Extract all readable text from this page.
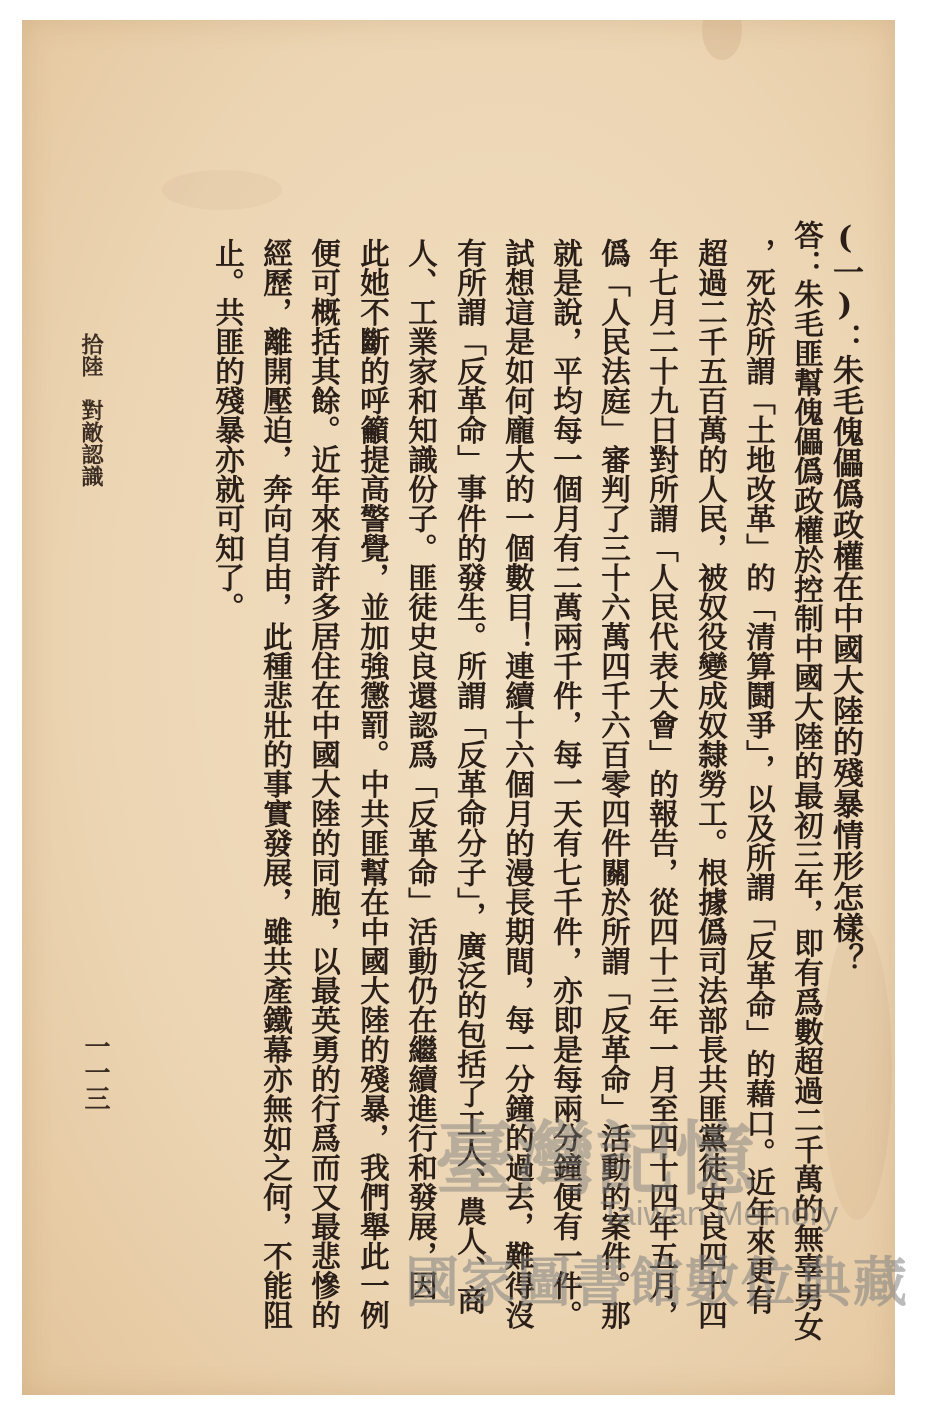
(一)：朱毛傀儡僞政權在中國大陸的殘暴情形怎樣？
答：朱毛匪幫傀儡僞政權於控制中國大陸的最初三年，即有爲數超過二千萬的無辜男女
，死於所謂「土地改革」的「清算鬪爭」，以及所謂「反革命」的藉口。近年來更有
超過二千五百萬的人民，被奴役變成奴隸勞工。根據僞司法部長共匪黨徒史良四十四
年七月二十九日對所謂「人民代表大會」的報告，從四十三年一月至四十四年五月，
僞「人民法庭」審判了三十六萬四千六百零四件關於所謂「反革命」活動的案件。那
就是說，平均每一個月有二萬兩千件，每一天有七千件，亦即是每兩分鐘便有一件。
試想這是如何龐大的一個數目！連續十六個月的漫長期間，每一分鐘的過去，難得沒
有所謂「反革命」事件的發生。所謂「反革命分子」，廣泛的包括了工人、農人、商
人、工業家和知識份子。匪徒史良還認爲「反革命」活動仍在繼續進行和發展，因
此她不斷的呼籲提高警覺，並加強懲罰。中共匪幫在中國大陸的殘暴，我們舉此一例
便可概括其餘。近年來有許多居住在中國大陸的同胞，以最英勇的行爲而又最悲慘的
經歷，離開壓迫，奔向自由，此種悲壯的事實發展，雖共產鐵幕亦無如之何，不能阻
止。共匪的殘暴亦就可知了。
拾陸　對敵認識
一一三
臺灣記憶
Taiwan Memory
國家圖書館數位典藏
